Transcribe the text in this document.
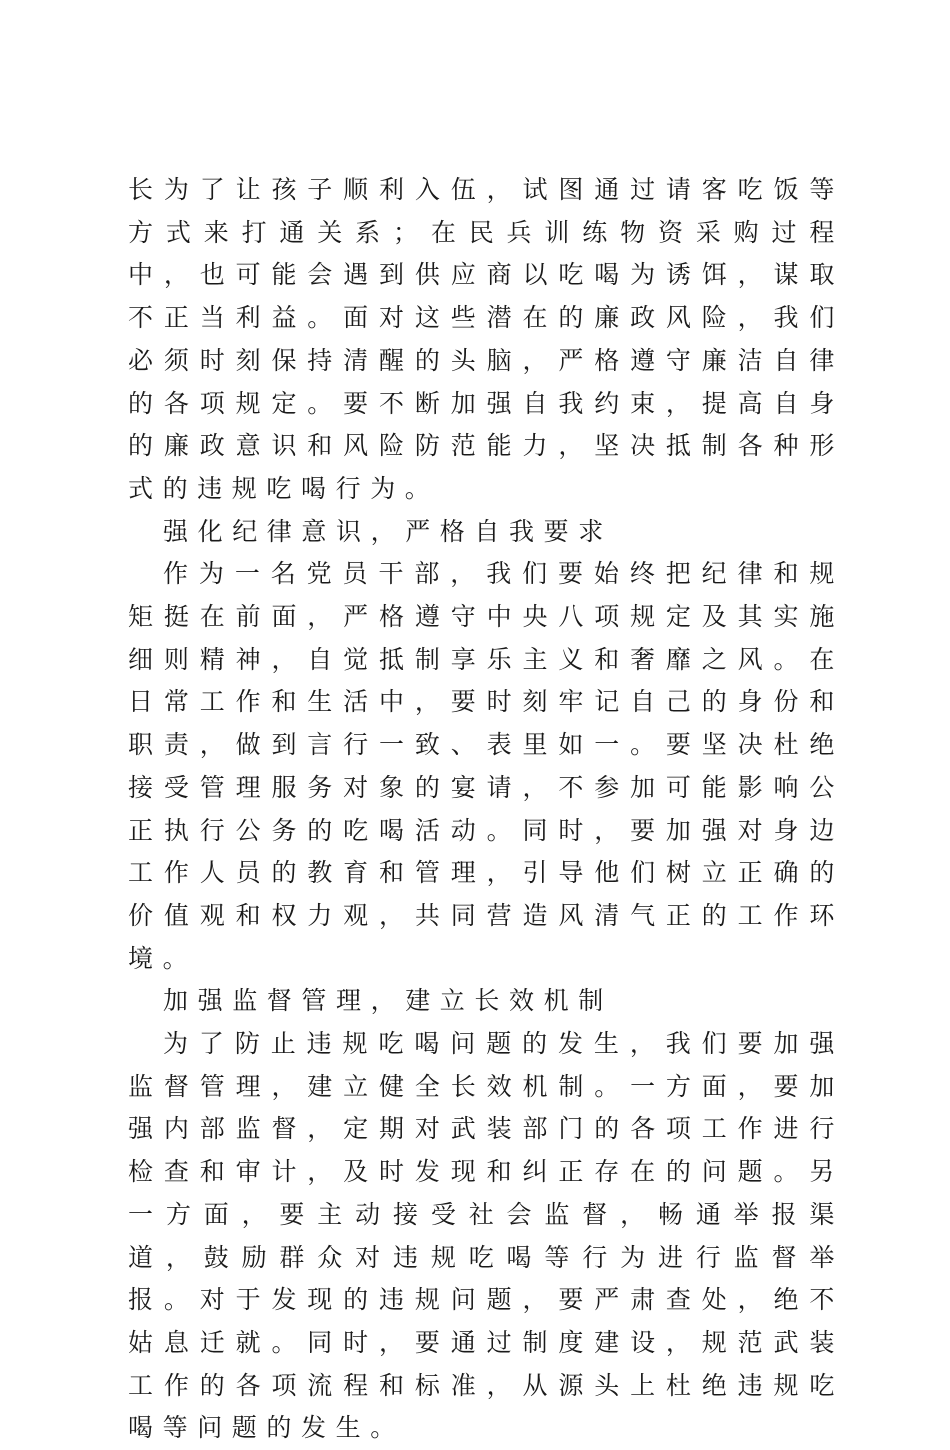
长为了让孩子顺利入伍，试图通过请客吃饭等方式来打通关系；在民兵训练物资采购过程中，也可能会遇到供应商以吃喝为诱饵，谋取不正当利益。面对这些潜在的廉政风险，我们必须时刻保持清醒的头脑，严格遵守廉洁自律的各项规定。要不断加强自我约束，提高自身的廉政意识和风险防范能力，坚决抵制各种形式的违规吃喝行为。

强化纪律意识，严格自我要求

作为一名党员干部，我们要始终把纪律和规矩挺在前面，严格遵守中央八项规定及其实施细则精神，自觉抵制享乐主义和奢靡之风。在日常工作和生活中，要时刻牢记自己的身份和职责，做到言行一致、表里如一。要坚决杜绝接受管理服务对象的宴请，不参加可能影响公正执行公务的吃喝活动。同时，要加强对身边工作人员的教育和管理，引导他们树立正确的价值观和权力观，共同营造风清气正的工作环境。

加强监督管理，建立长效机制

为了防止违规吃喝问题的发生，我们要加强监督管理，建立健全长效机制。一方面，要加强内部监督，定期对武装部门的各项工作进行检查和审计，及时发现和纠正存在的问题。另一方面，要主动接受社会监督，畅通举报渠道，鼓励群众对违规吃喝等行为进行监督举报。对于发现的违规问题，要严肃查处，绝不姑息迁就。同时，要通过制度建设，规范武装工作的各项流程和标准，从源头上杜绝违规吃喝等问题的发生。
